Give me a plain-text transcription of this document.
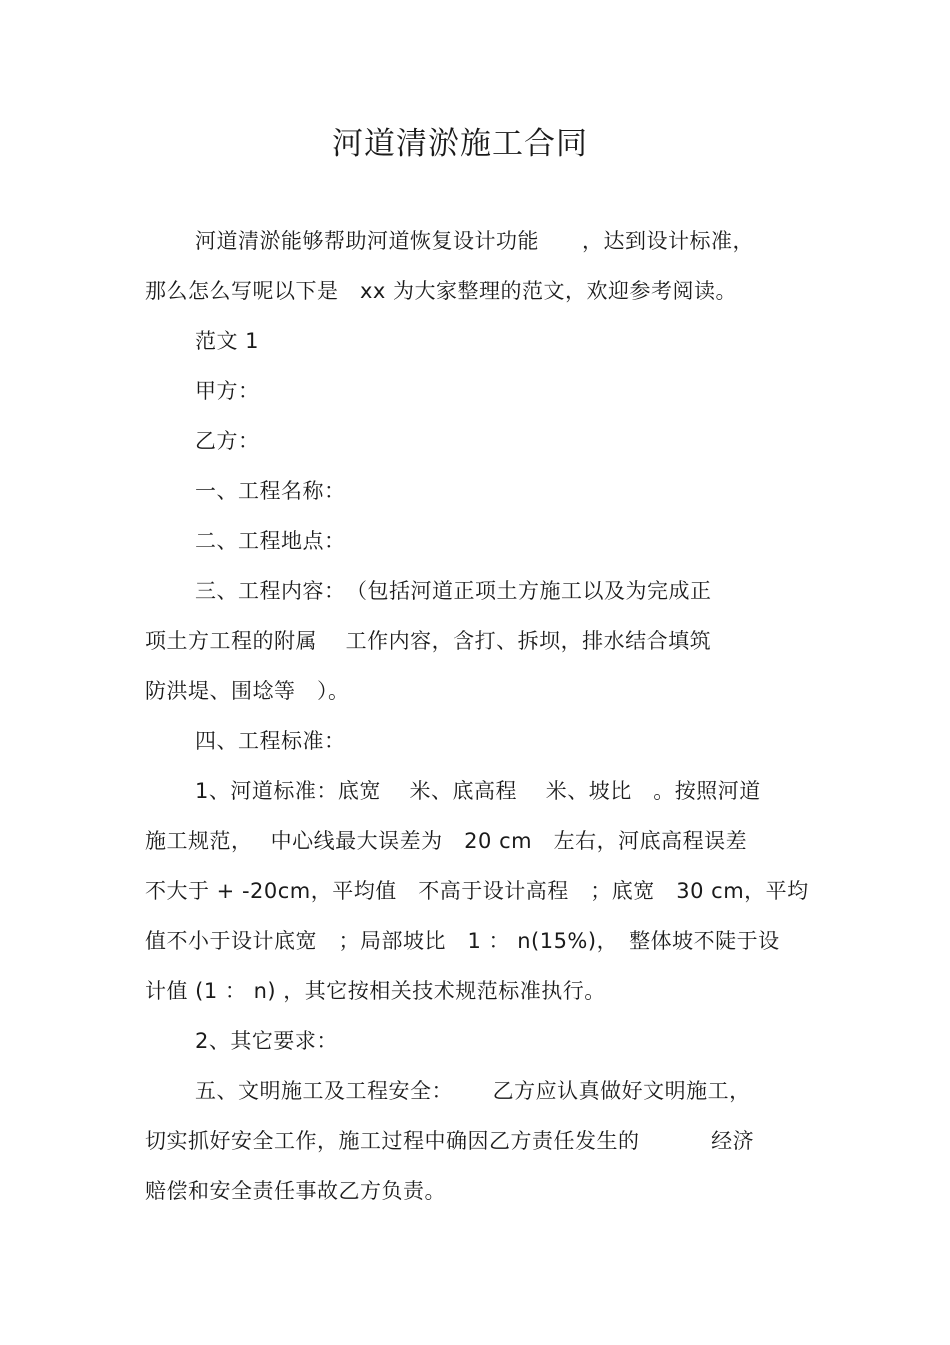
河道清淤施工合同
河道清淤能够帮助河道恢复设计功能　　，达到设计标准，
那么怎么写呢以下是　xx 为大家整理的范文，欢迎参考阅读。
范文 1
甲方：
乙方：
一、工程名称：
二、工程地点：
三、工程内容：　（包括河道正项土方施工以及为完成正
项土方工程的附属　 工作内容，含打、拆坝，排水结合填筑
防洪堤、围埝等　）。
四、工程标准：
1、河道标准：底宽　 米、底高程　 米、坡比　。按照河道
施工规范，　 中心线最大误差为　20 cm　左右，河底高程误差
不大于 + -20cm，平均值　不高于设计高程　；底宽　30 cm，平均
值不小于设计底宽　；局部坡比　1 ： n(15%)，　整体坡不陡于设
计值 (1 ： n) ，其它按相关技术规范标准执行。
2、其它要求：
五、文明施工及工程安全：　　 乙方应认真做好文明施工，
切实抓好安全工作，施工过程中确因乙方责任发生的　　　 经济
赔偿和安全责任事故乙方负责。
